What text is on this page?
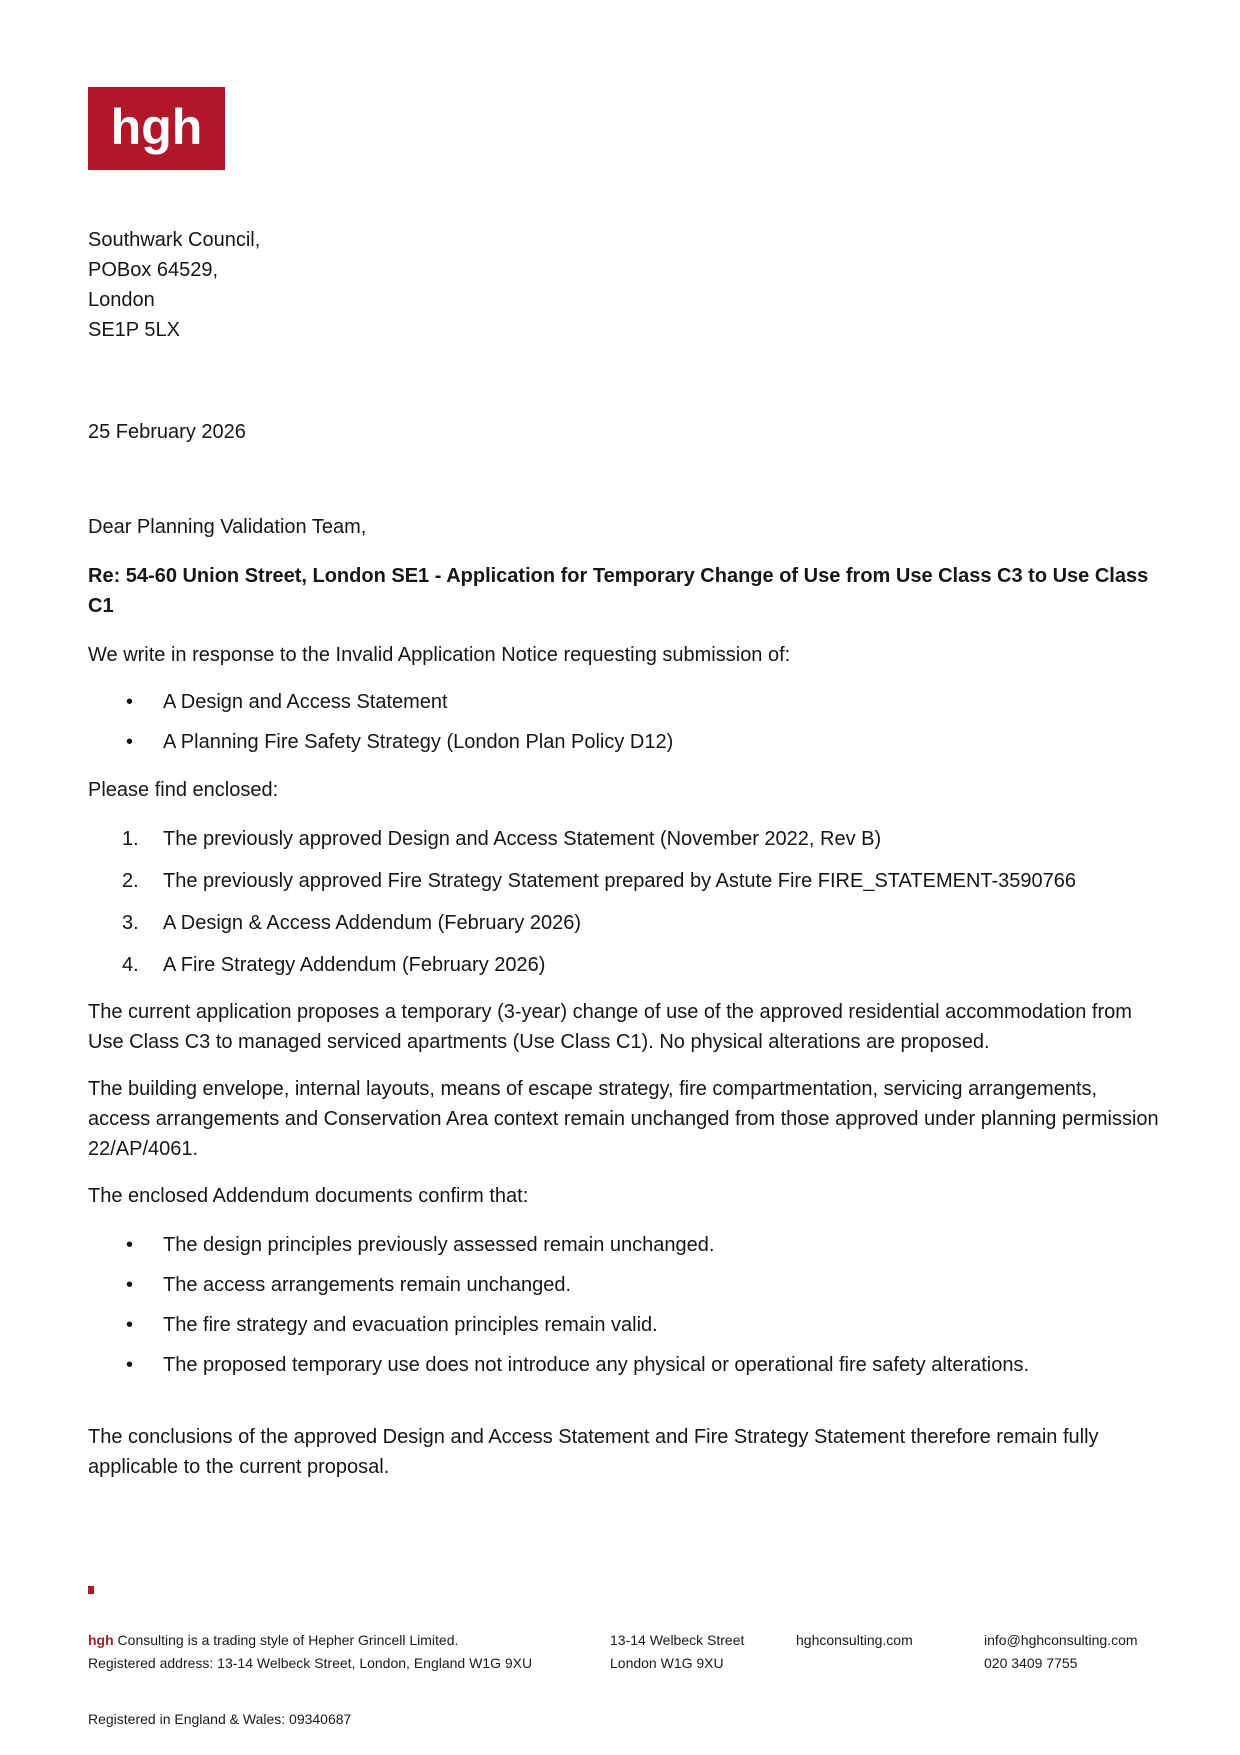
hgh
Southwark Council,
POBox 64529,
London
SE1P 5LX
25 February 2026
Dear Planning Validation Team,
Re: 54-60 Union Street, London SE1 - Application for Temporary Change of Use from Use Class C3 to Use Class C1
We write in response to the Invalid Application Notice requesting submission of:
• A Design and Access Statement
• A Planning Fire Safety Strategy (London Plan Policy D12)
Please find enclosed:
The previously approved Design and Access Statement (November 2022, Rev B)
The previously approved Fire Strategy Statement prepared by Astute Fire FIRE_STATEMENT-3590766
A Design & Access Addendum (February 2026)
A Fire Strategy Addendum (February 2026)
The current application proposes a temporary (3-year) change of use of the approved residential accommodation from Use Class C3 to managed serviced apartments (Use Class C1). No physical alterations are proposed.
The building envelope, internal layouts, means of escape strategy, fire compartmentation, servicing arrangements, access arrangements and Conservation Area context remain unchanged from those approved under planning permission 22/AP/4061.
The enclosed Addendum documents confirm that:
• The design principles previously assessed remain unchanged.
• The access arrangements remain unchanged.
• The fire strategy and evacuation principles remain valid.
• The proposed temporary use does not introduce any physical or operational fire safety alterations.
The conclusions of the approved Design and Access Statement and Fire Strategy Statement therefore remain fully applicable to the current proposal.
hgh Consulting is a trading style of Hepher Grincell Limited.
Registered address: 13-14 Welbeck Street, London, England W1G 9XU
13-14 Welbeck Street
London W1G 9XU
hghconsulting.com	info@hghconsulting.com
020 3409 7755
Registered in England & Wales: 09340687
